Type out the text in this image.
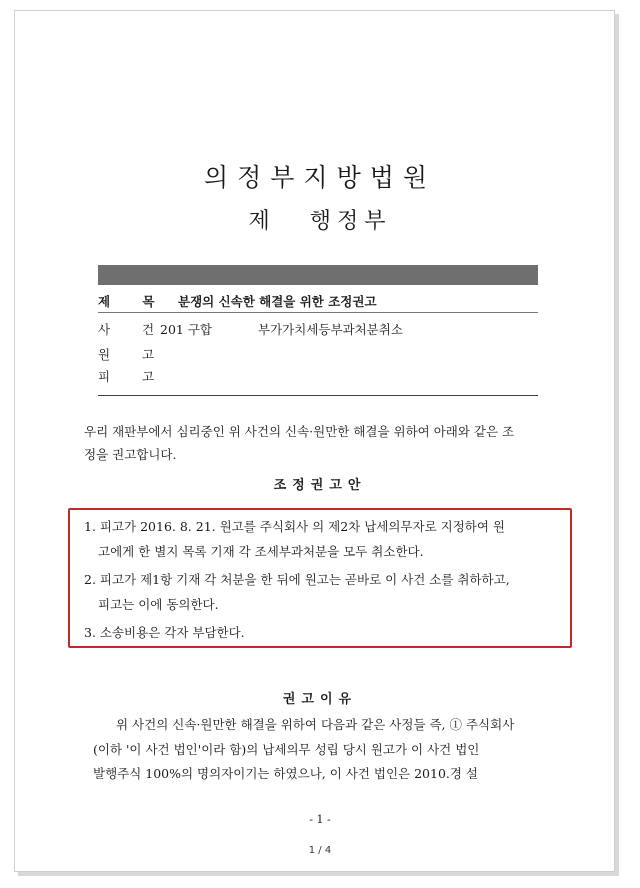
의정부지방법원
제 행정부
제 목 분쟁의 신속한 해결을 위한 조정권고
사 건
201 구합	부가가치세등부과처분취소
원 고
피 고
우리 재판부에서 심리중인 위 사건의 신속·원만한 해결을 위하여 아래와 같은 조
정을 권고합니다.
조정권고안
1. 피고가 2016. 8. 21. 원고를 주식회사 의 제2차 납세의무자로 지정하여 원
고에게 한 별지 목록 기재 각 조세부과처분을 모두 취소한다.
2. 피고가 제1항 기재 각 처분을 한 뒤에 원고는 곧바로 이 사건 소를 취하하고,
피고는 이에 동의한다.
3. 소송비용은 각자 부담한다.
권고이유
위 사건의 신속·원만한 해결을 위하여 다음과 같은 사정들 즉, ① 주식회사
(이하 '이 사건 법인'이라 함)의 납세의무 성립 당시 원고가 이 사건 법인
발행주식 100%의 명의자이기는 하였으나, 이 사건 법인은 2010.경 설
- 1 -
1 / 4
